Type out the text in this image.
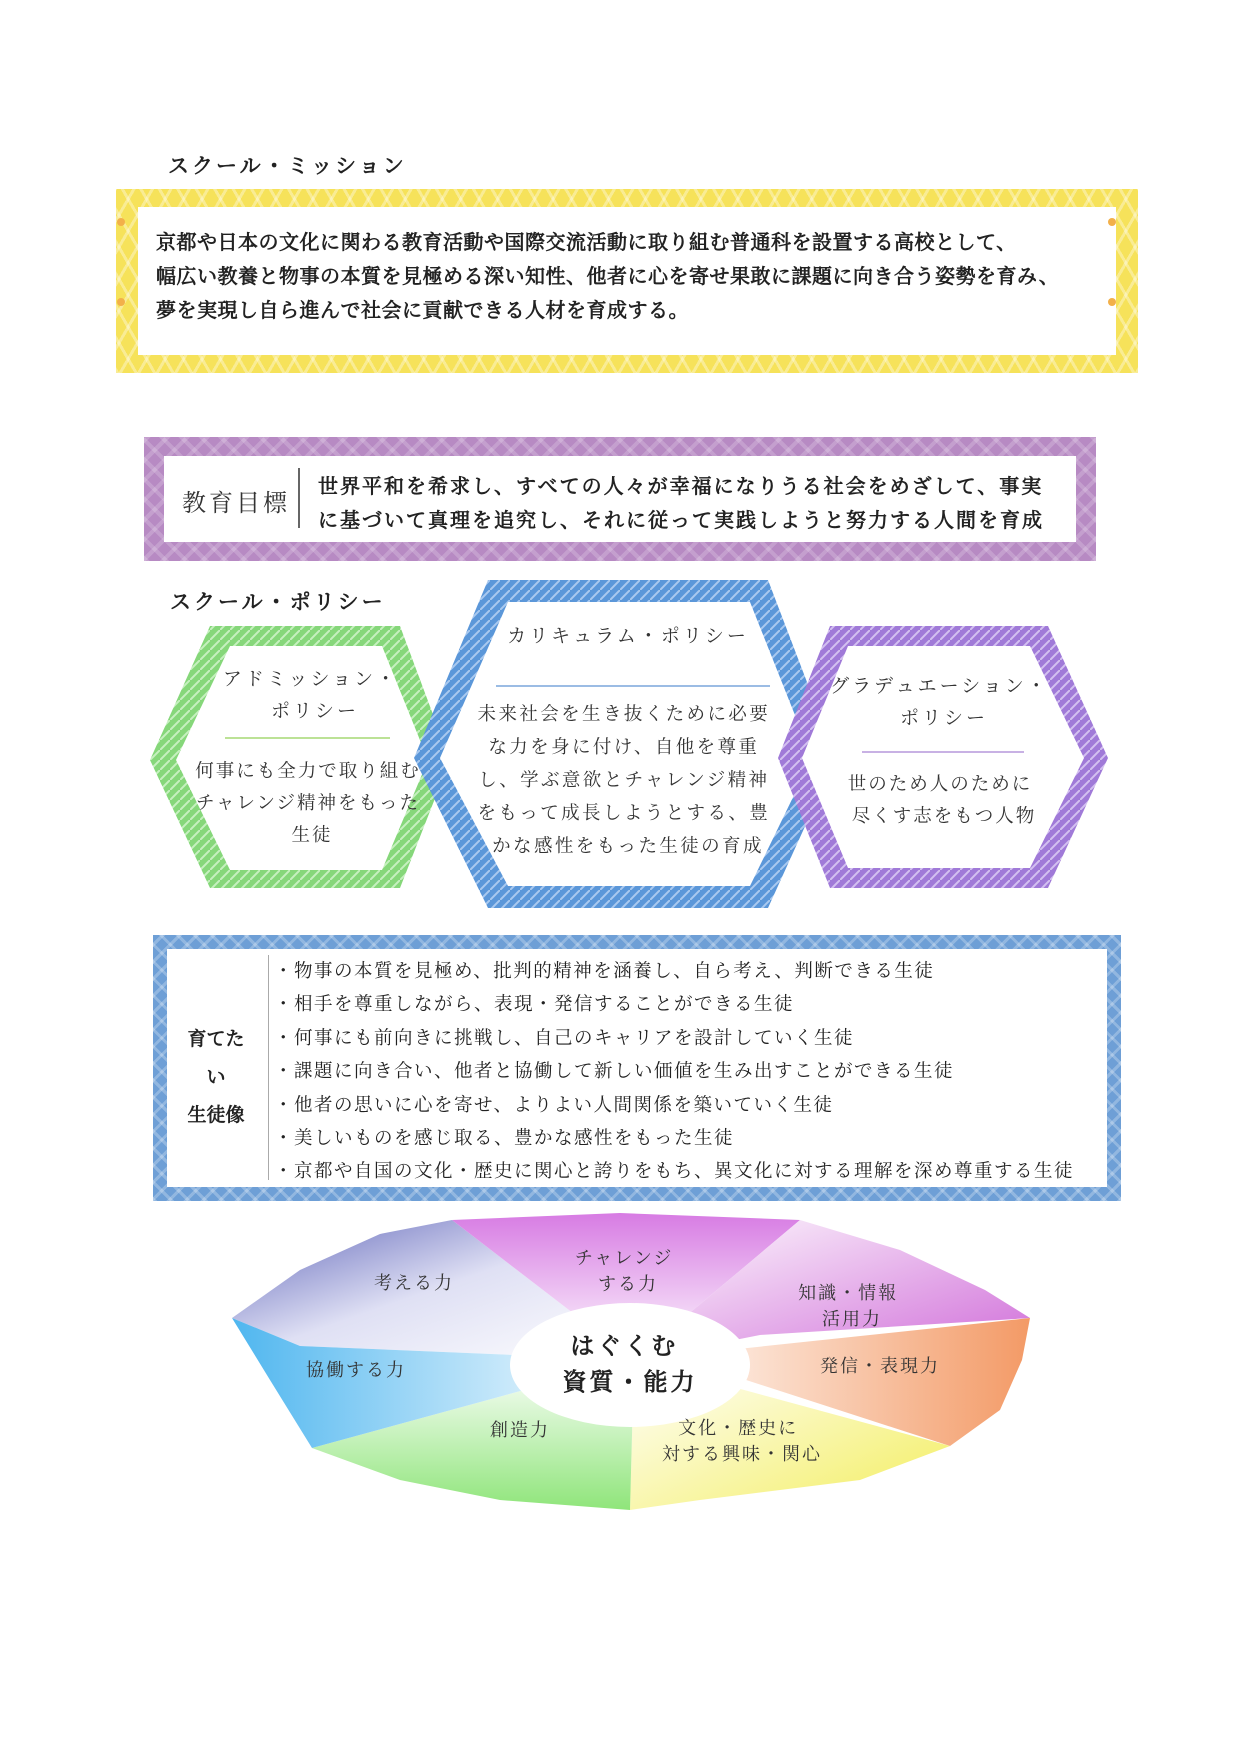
スクール・ミッション
京都や日本の文化に関わる教育活動や国際交流活動に取り組む普通科を設置する高校として、
幅広い教養と物事の本質を見極める深い知性、他者に心を寄せ果敢に課題に向き合う姿勢を育み、
夢を実現し自ら進んで社会に貢献できる人材を育成する。
教育目標
世界平和を希求し、すべての人々が幸福になりうる社会をめざして、事実
に基づいて真理を追究し、それに従って実践しようと努力する人間を育成
スクール・ポリシー
アドミッション・ ポリシー
何事にも全力で取り組む チャレンジ精神をもった 生徒
カリキュラム・ポリシー
未来社会を生き抜くために必要 な力を身に付け、自他を尊重 し、学ぶ意欲とチャレンジ精神 をもって成長しようとする、豊 かな感性をもった生徒の育成
グラデュエーション・ ポリシー
世のため人のために 尽くす志をもつ人物
育てたい
生徒像
・物事の本質を見極め、批判的精神を涵養し、自ら考え、判断できる生徒
・相手を尊重しながら、表現・発信することができる生徒
・何事にも前向きに挑戦し、自己のキャリアを設計していく生徒
・課題に向き合い、他者と協働して新しい価値を生み出すことができる生徒
・他者の思いに心を寄せ、よりよい人間関係を築いていく生徒
・美しいものを感じ取る、豊かな感性をもった生徒
・京都や自国の文化・歴史に関心と誇りをもち、異文化に対する理解を深め尊重する生徒
はぐくむ 資質・能力
チャレンジ する力	知識・情報 活用力
発信・表現力
文化・歴史に 対する興味・関心
創造力
協働する力
考える力
